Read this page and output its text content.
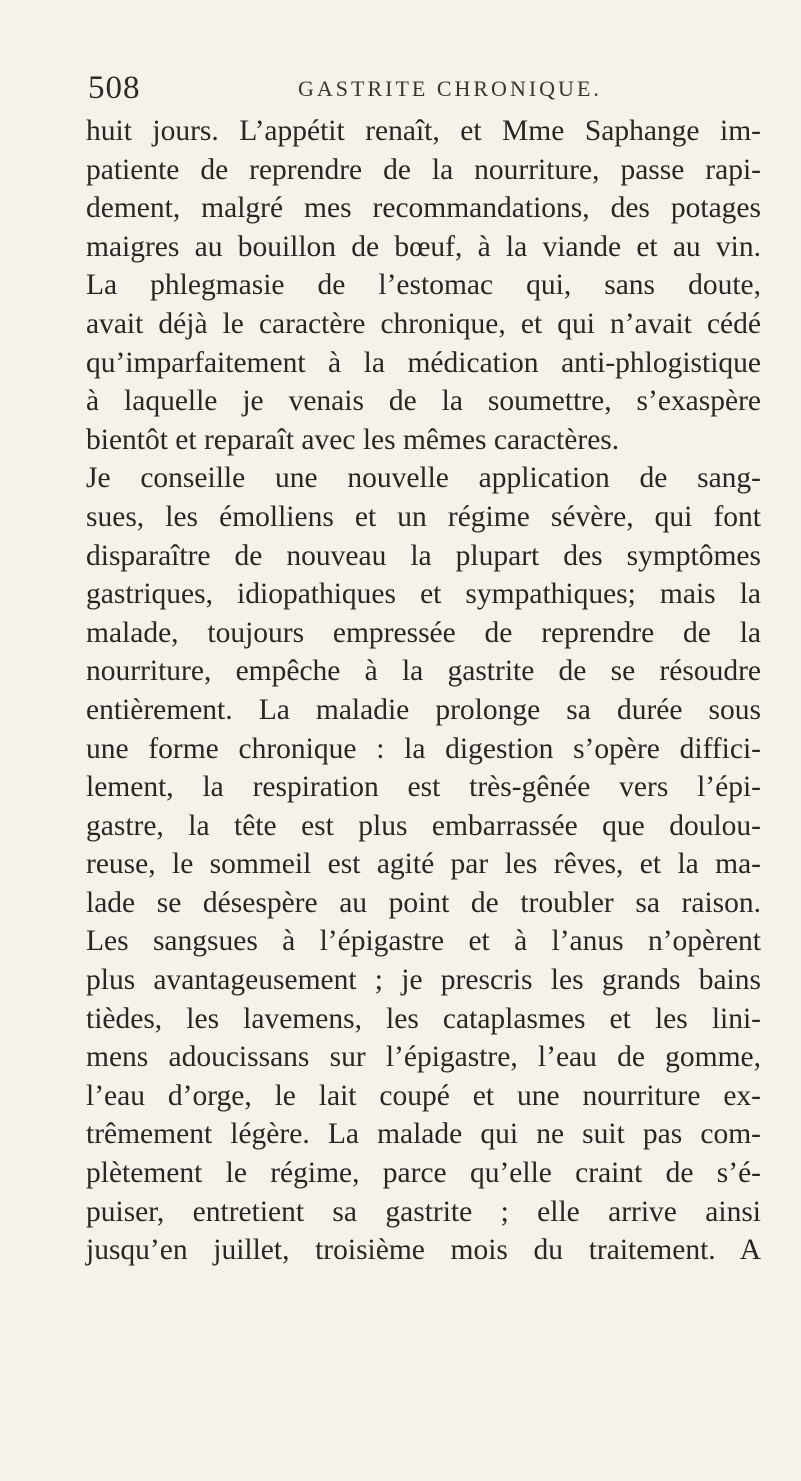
508	GASTRITE CHRONIQUE.
huit jours. L’appétit renaît, et Mme Saphange im-
patiente de reprendre de la nourriture, passe rapi-
dement, malgré mes recommandations, des potages
maigres au bouillon de bœuf, à la viande et au vin.
La phlegmasie de l’estomac qui, sans doute,
avait déjà le caractère chronique, et qui n’avait cédé
qu’imparfaitement à la médication anti-phlogistique
à laquelle je venais de la soumettre, s’exaspère
bientôt et reparaît avec les mêmes caractères.
Je conseille une nouvelle application de sang-
sues, les émolliens et un régime sévère, qui font
disparaître de nouveau la plupart des symptômes
gastriques, idiopathiques et sympathiques; mais la
malade, toujours empressée de reprendre de la
nourriture, empêche à la gastrite de se résoudre
entièrement. La maladie prolonge sa durée sous
une forme chronique : la digestion s’opère diffici-
lement, la respiration est très-gênée vers l’épi-
gastre, la tête est plus embarrassée que doulou-
reuse, le sommeil est agité par les rêves, et la ma-
lade se désespère au point de troubler sa raison.
Les sangsues à l’épigastre et à l’anus n’opèrent
plus avantageusement ; je prescris les grands bains
tièdes, les lavemens, les cataplasmes et les lini-
mens adoucissans sur l’épigastre, l’eau de gomme,
l’eau d’orge, le lait coupé et une nourriture ex-
trêmement légère. La malade qui ne suit pas com-
plètement le régime, parce qu’elle craint de s’é-
puiser, entretient sa gastrite ; elle arrive ainsi
jusqu’en juillet, troisième mois du traitement. A
